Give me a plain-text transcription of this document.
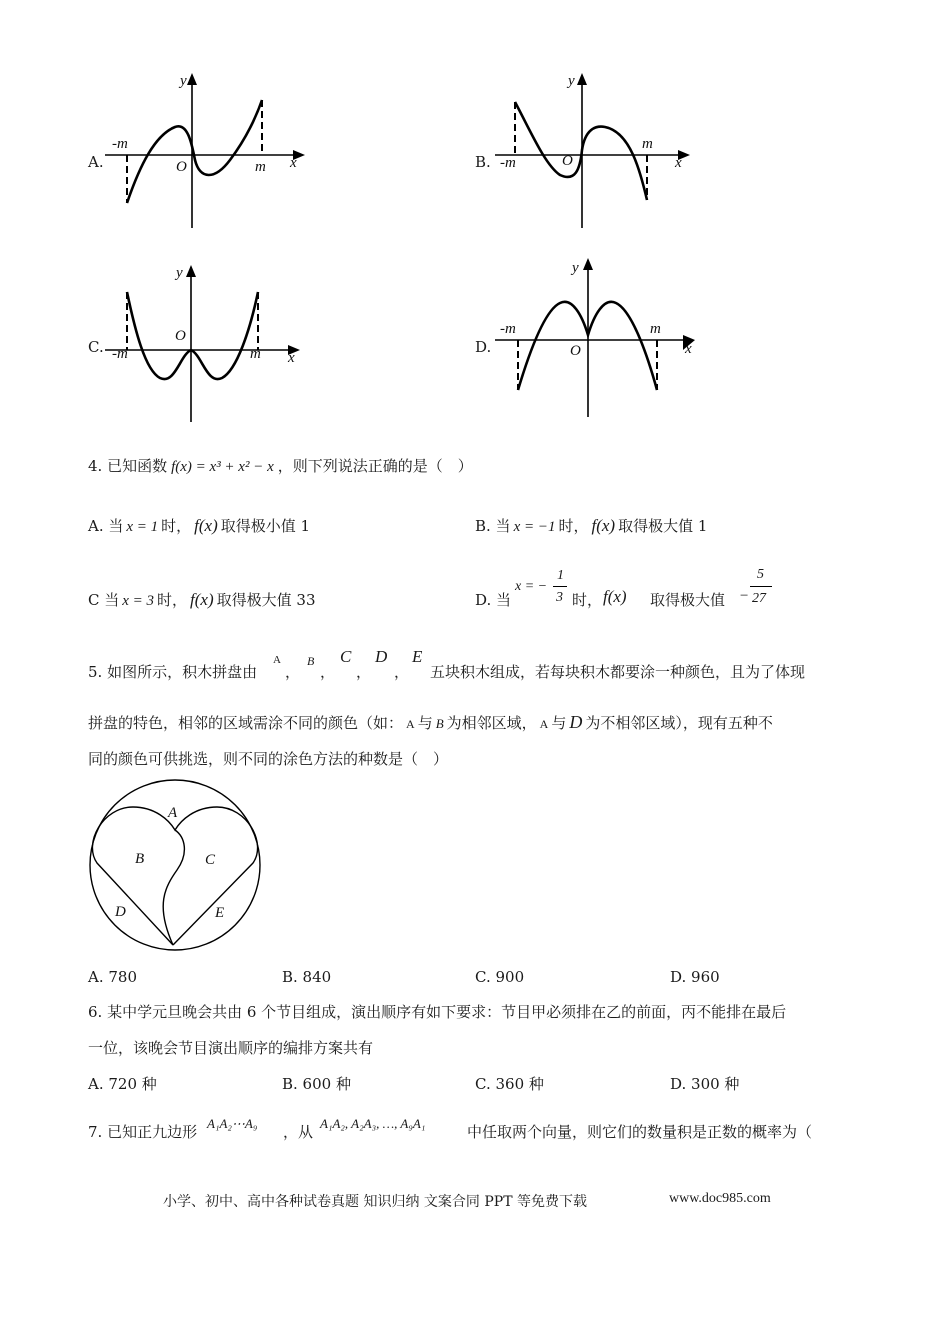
A.
y
x
O
-m
m	B.
y
x
O
-m
m
C.
y
x
O
-m	m	D.
y
x
O
-m	m
4. 已知函数 f(x) = x³ + x² − x ，则下列说法正确的是（　）
A. 当 x = 1 时， f(x) 取得极小值 1	B. 当 x = −1 时， f(x) 取得极大值 1
C 当 x = 3 时， f(x) 取得极大值 33	D. 当
x = −
1
3 时， f(x) 取得极大值 −
5
27
5. 如图所示，积木拼盘由
A
，
B
，
C
，
D
，
E
五块积木组成，若每块积木都要涂一种颜色，且为了体现
拼盘的特色，相邻的区域需涂不同的颜色（如： A 与 B 为相邻区域， A 与 D 为不相邻区域），现有五种不
同的颜色可供挑选，则不同的涂色方法的种数是（　）
A
B	C
D	E
A. 780	B. 840	C. 900	D. 960
6. 某中学元旦晚会共由 6 个节目组成，演出顺序有如下要求：节目甲必须排在乙的前面，丙不能排在最后
一位，该晚会节目演出顺序的编排方案共有
A. 720 种	B. 600 种	C. 360 种	D. 300 种
7. 已知正九边形 A₁A₂⋯A₉ ，从 A₁A₂, A₂A₃, …, A₉A₁	中任取两个向量，则它们的数量积是正数的概率为（
小学、初中、高中各种试卷真题 知识归纳 文案合同 PPT 等免费下载	www.doc985.com
